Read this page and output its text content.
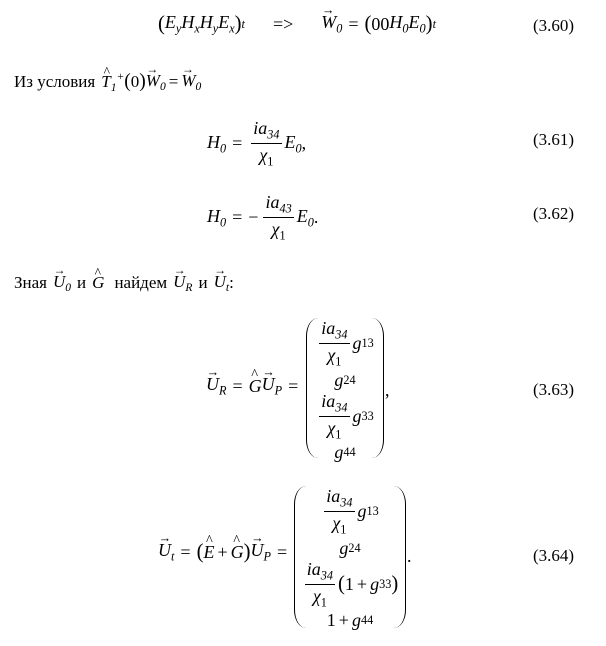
( $E_y$ $H_x$ $H_y$ $E_x$ ) t =>
→ $W_0$ = ( 00 $H_0$ $E_0$ ) t	(3.60)
Из условия
^ $T_1^+$ ( 0 )
→ $W_0$ =
→ $W_0$
$H_0 = \frac{ia_{34}}{\chi_1} E_0$ ,	(3.61)
$H_0$ = − $\frac{ia_{43}}{\chi_1} E_0$ .	(3.62)
Зная
→ $U_0$ и
^ G найдем
→ $U_R$ и
→ $U_t$ :
→ $U_R$ =
^ G
→ $U_P$ =
$\frac{ia_{34}}{\chi_1}$ g 13
g 24
$\frac{ia_{34}}{\chi_1}$ g 33
g 44
,	(3.63)
→ $U_t$ = (
^ E +
^ G )
→ $U_P$ =
$\frac{ia_{34}}{\chi_1}$ g 13
g 24
$\frac{ia_{34}}{\chi_1}$ ( 1 + g 33 )
1 + g 44
.	(3.64)
